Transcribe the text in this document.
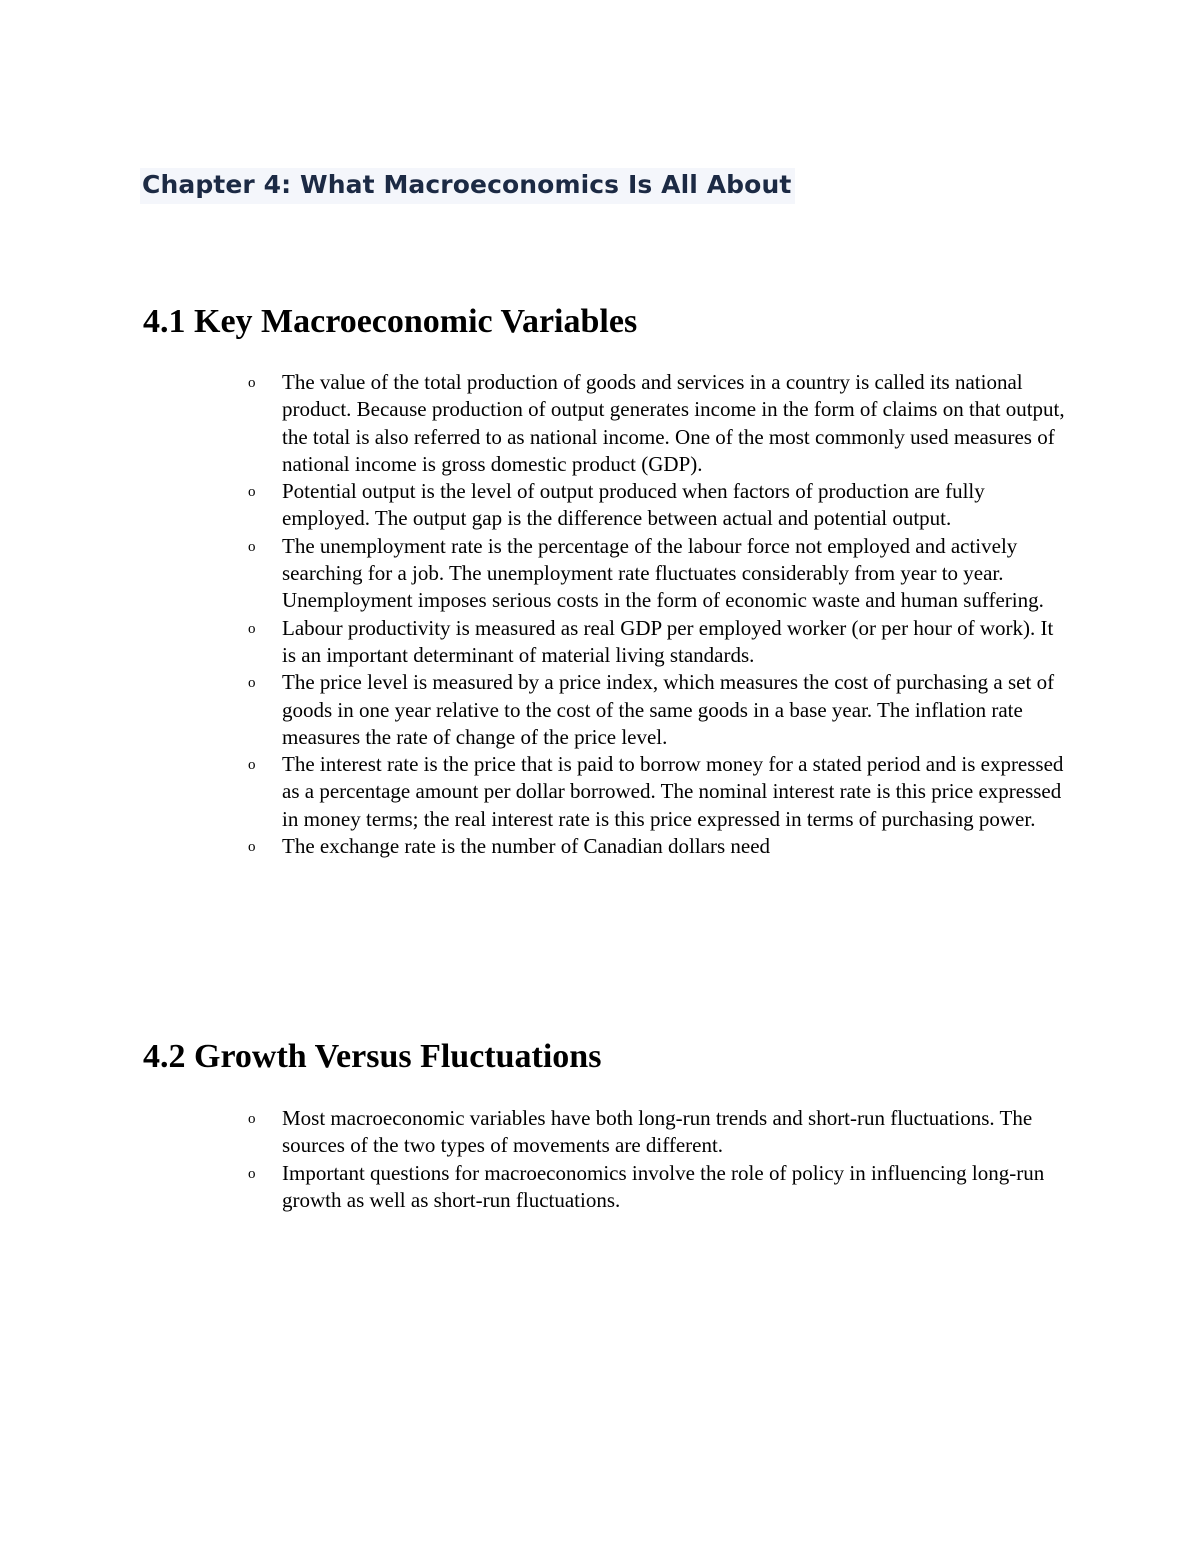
Chapter 4: What Macroeconomics Is All About
4.1 Key Macroeconomic Variables
o The value of the total production of goods and services in a country is called its national product. Because production of output generates income in the form of claims on that output, the total is also referred to as national income. One of the most commonly used measures of national income is gross domestic product (GDP).
o Potential output is the level of output produced when factors of production are fully employed. The output gap is the difference between actual and potential output.
o The unemployment rate is the percentage of the labour force not employed and actively searching for a job. The unemployment rate fluctuates considerably from year to year. Unemployment imposes serious costs in the form of economic waste and human suffering.
o Labour productivity is measured as real GDP per employed worker (or per hour of work). It is an important determinant of material living standards.
o The price level is measured by a price index, which measures the cost of purchasing a set of goods in one year relative to the cost of the same goods in a base year. The inflation rate measures the rate of change of the price level.
o The interest rate is the price that is paid to borrow money for a stated period and is expressed as a percentage amount per dollar borrowed. The nominal interest rate is this price expressed in money terms; the real interest rate is this price expressed in terms of purchasing power.
o The exchange rate is the number of Canadian dollars need
4.2 Growth Versus Fluctuations
o Most macroeconomic variables have both long-run trends and short-run fluctuations. The sources of the two types of movements are different.
o Important questions for macroeconomics involve the role of policy in influencing long-run growth as well as short-run fluctuations.
